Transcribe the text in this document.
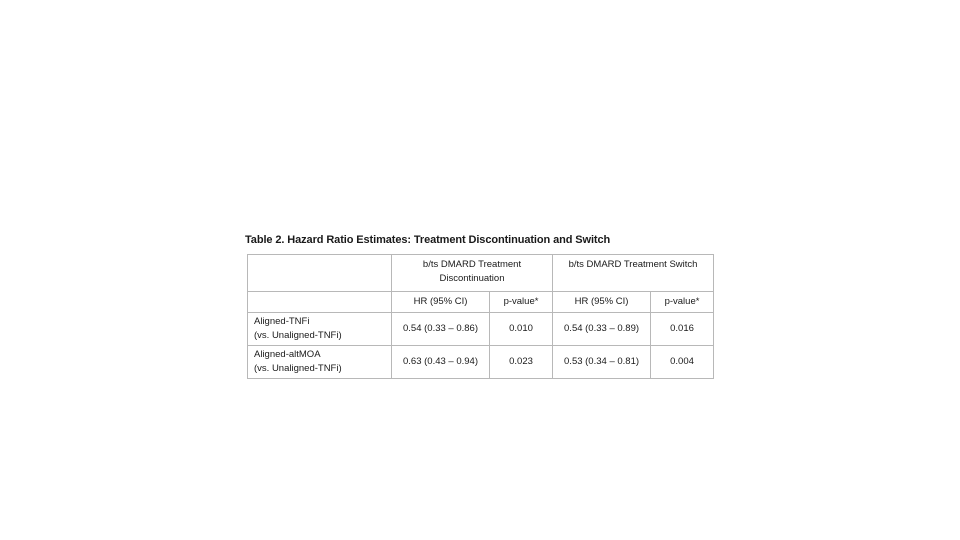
Table 2. Hazard Ratio Estimates: Treatment Discontinuation and Switch
	b/ts DMARD Treatment
Discontinuation		b/ts DMARD Treatment Switch	
	HR (95% CI)	p-value*	HR (95% CI)	p-value*

Aligned-TNFi
(vs. Unaligned-TNFi)	0.54 (0.33 – 0.86)	0.010	0.54 (0.33 – 0.89)	0.016

Aligned-altMOA
(vs. Unaligned-TNFi)	0.63 (0.43 – 0.94)	0.023	0.53 (0.34 – 0.81)	0.004
